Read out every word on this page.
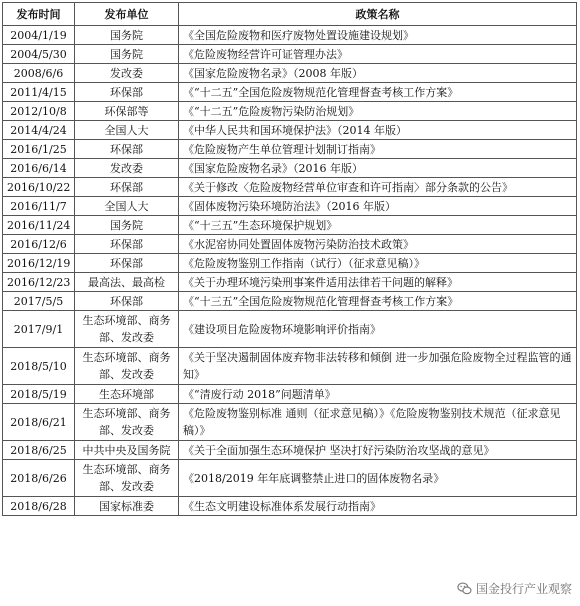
发布时间	发布单位	政策名称
2004/1/19	国务院	《全国危险废物和医疗废物处置设施建设规划》
2004/5/30	国务院	《危险废物经营许可证管理办法》
2008/6/6	发改委	《国家危险废物名录》（2008 年版）
2011/4/15	环保部	《“十二五”全国危险废物规范化管理督查考核工作方案》
2012/10/8	环保部等	《“十二五”危险废物污染防治规划》
2014/4/24	全国人大	《中华人民共和国环境保护法》（2014 年版）
2016/1/25	环保部	《危险废物产生单位管理计划制订指南》
2016/6/14	发改委	《国家危险废物名录》（2016 年版）
2016/10/22	环保部	《关于修改〈危险废物经营单位审查和许可指南〉部分条款的公告》
2016/11/7	全国人大	《固体废物污染环境防治法》（2016 年版）
2016/11/24	国务院	《“十三五”生态环境保护规划》
2016/12/6	环保部	《水泥窑协同处置固体废物污染防治技术政策》
2016/12/19	环保部	《危险废物鉴别工作指南（试行）（征求意见稿）》
2016/12/23	最高法、最高检	《关于办理环境污染刑事案件适用法律若干问题的解释》
2017/5/5	环保部	《“十三五”全国危险废物规范化管理督查考核工作方案》
2017/9/1	生态环境部、商务
部、发改委	《建设项目危险废物环境影响评价指南》
2018/5/10	生态环境部、商务
部、发改委	《关于坚决遏制固体废弃物非法转移和倾倒 进一步加强危险废物全过程监管的通知》
2018/5/19	生态环境部	《“清废行动 2018”问题清单》
2018/6/21	生态环境部、商务
部、发改委	《危险废物鉴别标准 通则（征求意见稿）》《危险废物鉴别技术规范（征求意见稿）》
2018/6/25	中共中央及国务院	《关于全面加强生态环境保护 坚决打好污染防治攻坚战的意见》
2018/6/26	生态环境部、商务
部、发改委	《2018/2019 年年底调整禁止进口的固体废物名录》
2018/6/28	国家标准委	《生态文明建设标准体系发展行动指南》
国金投行产业观察
